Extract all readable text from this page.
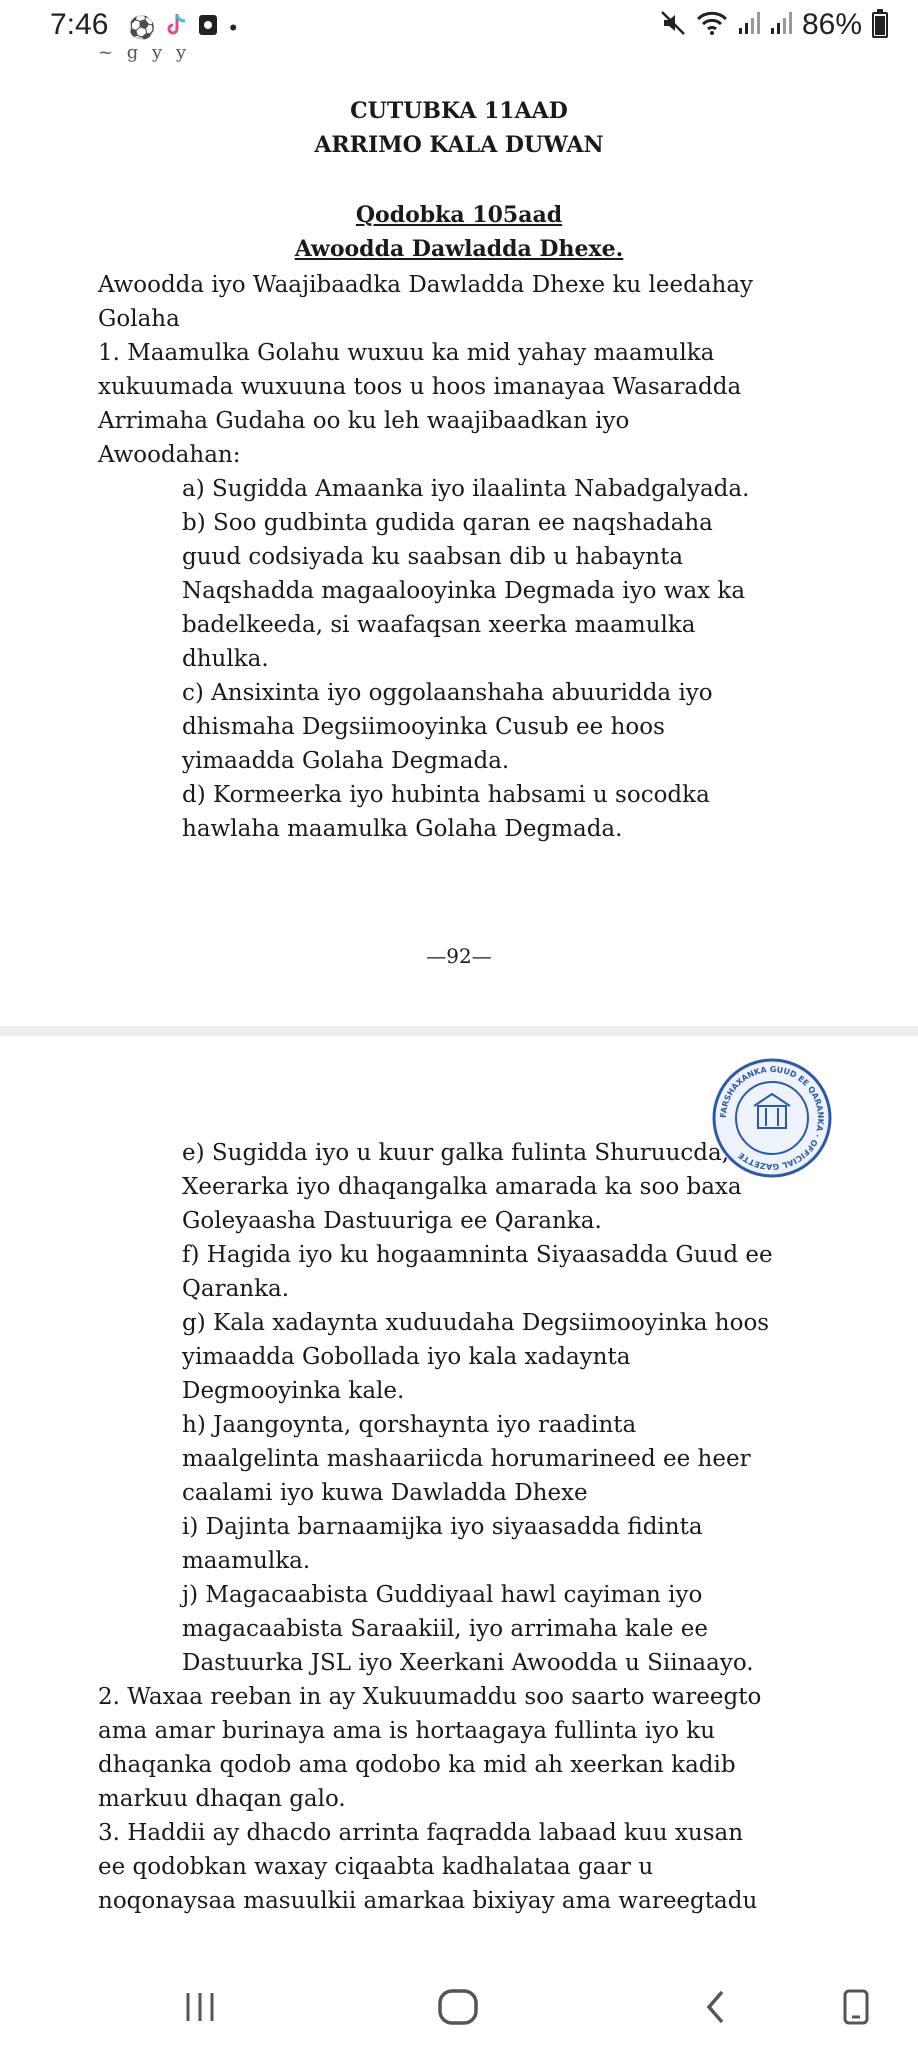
7:46 ⚽	•	86%
~ g y y
CUTUBKA 11AAD
ARRIMO KALA DUWAN
Qodobka 105aad
Awoodda Dawladda Dhexe.
Awoodda iyo Waajibaadka Dawladda Dhexe ku leedahay
Golaha
1. Maamulka Golahu wuxuu ka mid yahay maamulka
xukuumada wuxuuna toos u hoos imanayaa Wasaradda
Arrimaha Gudaha oo ku leh waajibaadkan iyo
Awoodahan:
a) Sugidda Amaanka iyo ilaalinta Nabadgalyada.
b) Soo gudbinta gudida qaran ee naqshadaha
guud codsiyada ku saabsan dib u habaynta
Naqshadda magaalooyinka Degmada iyo wax ka
badelkeeda, si waafaqsan xeerka maamulka
dhulka.
c) Ansixinta iyo oggolaanshaha abuuridda iyo
dhismaha Degsiimooyinka Cusub ee hoos
yimaadda Golaha Degmada.
d) Kormeerka iyo hubinta habsami u socodka
hawlaha maamulka Golaha Degmada.
—92—
FARSHAXANKA GUUD EE QARANKA · OFFICIAL GAZETTE
e) Sugidda iyo u kuur galka fulinta Shuruucda,
Xeerarka iyo dhaqangalka amarada ka soo baxa
Goleyaasha Dastuuriga ee Qaranka.
f) Hagida iyo ku hogaamninta Siyaasadda Guud ee
Qaranka.
g) Kala xadaynta xuduudaha Degsiimooyinka hoos
yimaadda Gobollada iyo kala xadaynta
Degmooyinka kale.
h) Jaangoynta, qorshaynta iyo raadinta
maalgelinta mashaariicda horumarineed ee heer
caalami iyo kuwa Dawladda Dhexe
i) Dajinta barnaamijka iyo siyaasadda fidinta
maamulka.
j) Magacaabista Guddiyaal hawl cayiman iyo
magacaabista Saraakiil, iyo arrimaha kale ee
Dastuurka JSL iyo Xeerkani Awoodda u Siinaayo.
2. Waxaa reeban in ay Xukuumaddu soo saarto wareegto
ama amar burinaya ama is hortaagaya fullinta iyo ku
dhaqanka qodob ama qodobo ka mid ah xeerkan kadib
markuu dhaqan galo.
3. Haddii ay dhacdo arrinta faqradda labaad kuu xusan
ee qodobkan waxay ciqaabta kadhalataa gaar u
noqonaysaa masuulkii amarkaa bixiyay ama wareegtadu
